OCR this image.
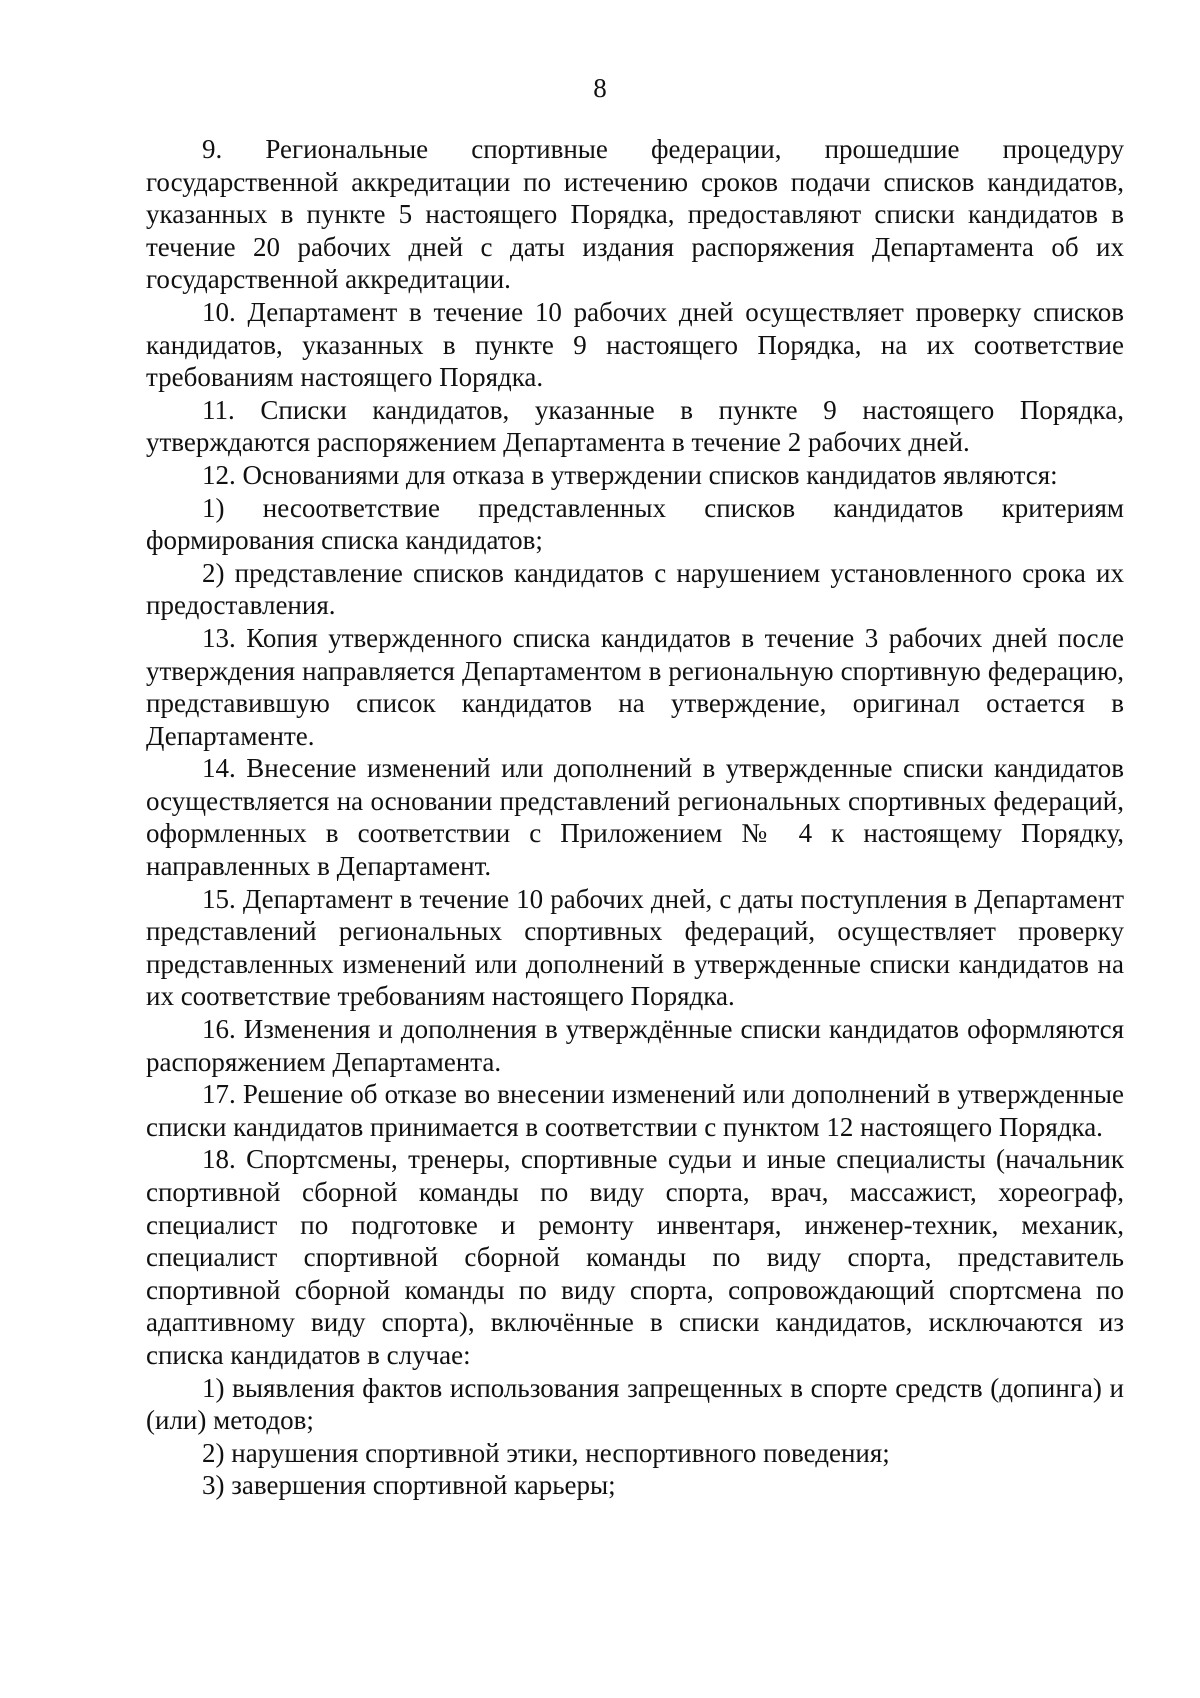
8

9. Региональные спортивные федерации, прошедшие процедуру государственной аккредитации по истечению сроков подачи списков кандидатов, указанных в пункте 5 настоящего Порядка, предоставляют списки кандидатов в течение 20 рабочих дней с даты издания распоряжения Департамента об их государственной аккредитации.

10. Департамент в течение 10 рабочих дней осуществляет проверку списков кандидатов, указанных в пункте 9 настоящего Порядка, на их соответствие требованиям настоящего Порядка.

11. Списки кандидатов, указанные в пункте 9 настоящего Порядка, утверждаются распоряжением Департамента в течение 2 рабочих дней.

12. Основаниями для отказа в утверждении списков кандидатов являются:

1) несоответствие представленных списков кандидатов критериям формирования списка кандидатов;

2) представление списков кандидатов с нарушением установленного срока их предоставления.

13. Копия утвержденного списка кандидатов в течение 3 рабочих дней после утверждения направляется Департаментом в региональную спортивную федерацию, представившую список кандидатов на утверждение, оригинал остается в Департаменте.

14. Внесение изменений или дополнений в утвержденные списки кандидатов осуществляется на основании представлений региональных спортивных федераций, оформленных в соответствии с Приложением № 4 к настоящему Порядку, направленных в Департамент.

15. Департамент в течение 10 рабочих дней, с даты поступления в Департамент представлений региональных спортивных федераций, осуществляет проверку представленных изменений или дополнений в утвержденные списки кандидатов на их соответствие требованиям настоящего Порядка.

16. Изменения и дополнения в утверждённые списки кандидатов оформляются распоряжением Департамента.

17. Решение об отказе во внесении изменений или дополнений в утвержденные списки кандидатов принимается в соответствии с пунктом 12 настоящего Порядка.

18. Спортсмены, тренеры, спортивные судьи и иные специалисты (начальник спортивной сборной команды по виду спорта, врач, массажист, хореограф, специалист по подготовке и ремонту инвентаря, инженер-техник, механик, специалист спортивной сборной команды по виду спорта, представитель спортивной сборной команды по виду спорта, сопровождающий спортсмена по адаптивному виду спорта), включённые в списки кандидатов, исключаются из списка кандидатов в случае:

1) выявления фактов использования запрещенных в спорте средств (допинга) и (или) методов;

2) нарушения спортивной этики, неспортивного поведения;

3) завершения спортивной карьеры;
